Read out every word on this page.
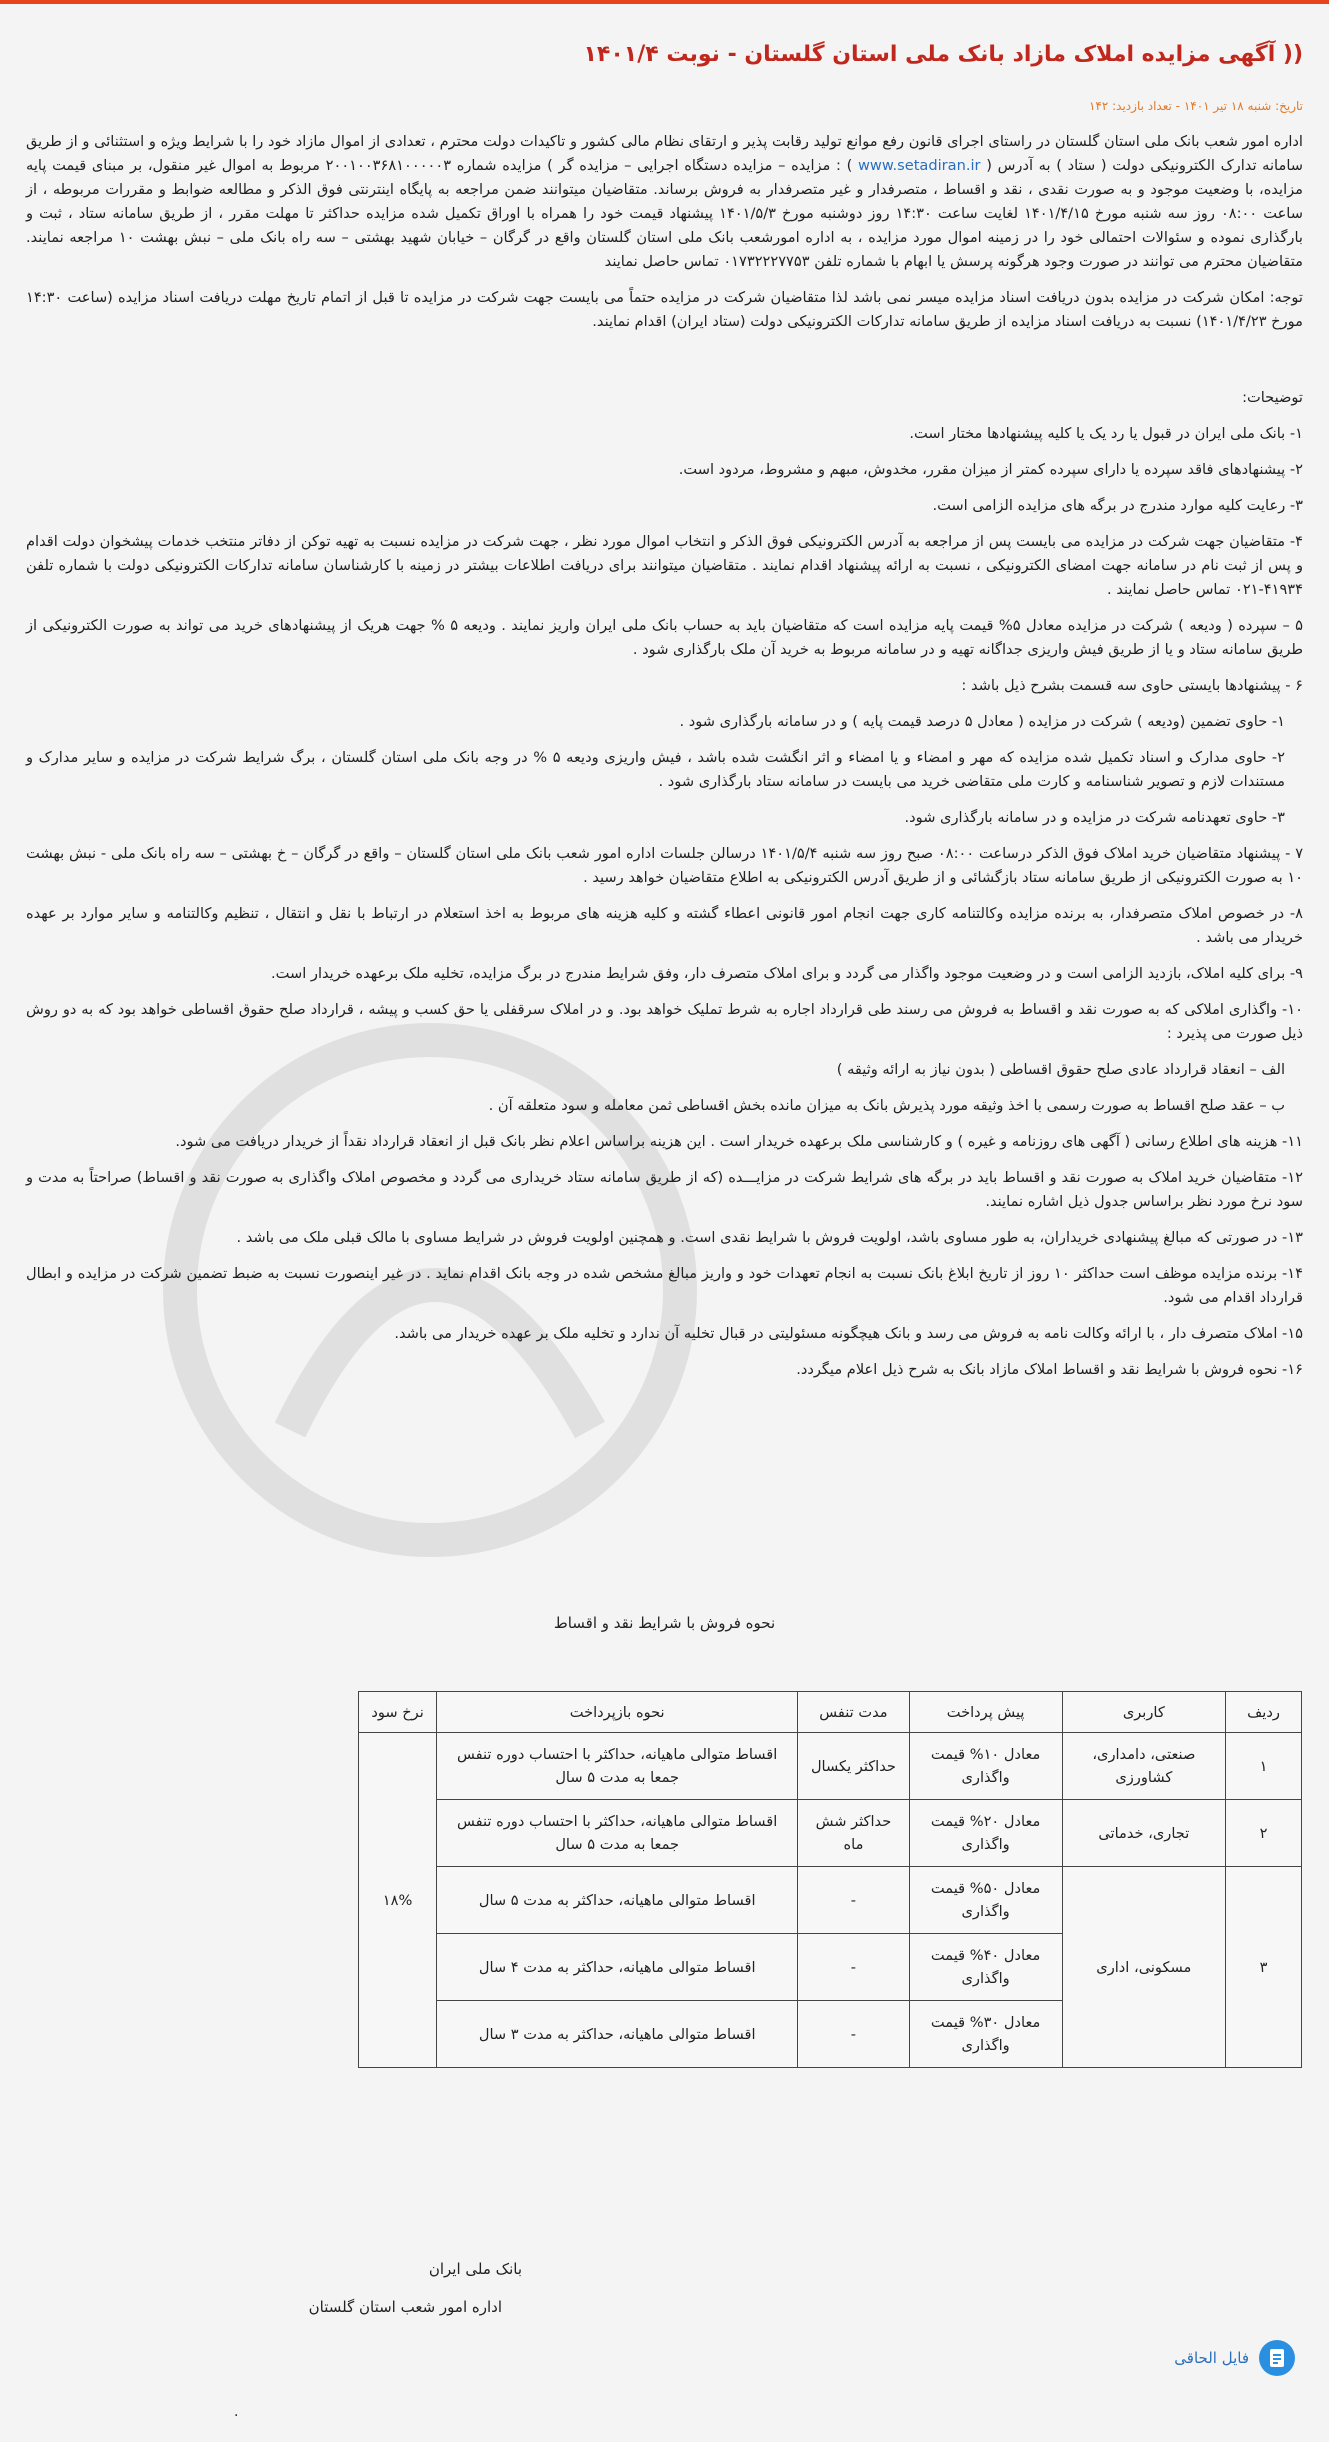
(( آگهی مزایده املاک مازاد بانک ملی استان گلستان - نوبت ۱۴۰۱/۴
تاریخ: شنبه ۱۸ تیر ۱۴۰۱ - تعداد بازدید: ۱۴۲

اداره امور شعب بانک ملی استان گلستان در راستای اجرای قانون رفع موانع تولید رقابت پذیر و ارتقای نظام مالی کشور و تاکیدات دولت محترم ، تعدادی از اموال مازاد خود را با شرایط ویژه و استثنائی و از طریق سامانه تدارک الکترونیکی دولت ( ستاد ) به آدرس ( www.setadiran.ir ) : مزایده – مزایده دستگاه اجرایی – مزایده گر ) مزایده شماره ۲۰۰۱۰۰۳۶۸۱۰۰۰۰۰۳ مربوط به اموال غیر منقول، بر مبنای قیمت پایه مزایده، با وضعیت موجود و به صورت نقدی ، نقد و اقساط ، متصرفدار و غیر متصرفدار به فروش برساند. متقاضیان میتوانند ضمن مراجعه به پایگاه اینترنتی فوق الذکر و مطالعه ضوابط و مقررات مربوطه ، از ساعت ۰۸:۰۰ روز سه شنبه مورخ ۱۴۰۱/۴/۱۵ لغایت ساعت ۱۴:۳۰ روز دوشنبه مورخ ۱۴۰۱/۵/۳ پیشنهاد قیمت خود را همراه با اوراق تکمیل شده مزایده حداکثر تا مهلت مقرر ، از طریق سامانه ستاد ، ثبت و بارگذاری نموده و سئوالات احتمالی خود را در زمینه اموال مورد مزایده ، به اداره امورشعب بانک ملی استان گلستان واقع در گرگان – خیابان شهید بهشتی – سه راه بانک ملی – نبش بهشت ۱۰ مراجعه نمایند. متقاضیان محترم می توانند در صورت وجود هرگونه پرسش یا ابهام با شماره تلفن ۰۱۷۳۲۲۲۷۷۵۳ تماس حاصل نمایند

توجه: امکان شرکت در مزایده بدون دریافت اسناد مزایده میسر نمی باشد لذا متقاضیان شرکت در مزایده حتماً می بایست جهت شرکت در مزایده تا قبل از اتمام تاریخ مهلت دریافت اسناد مزایده (ساعت ۱۴:۳۰ مورخ ۱۴۰۱/۴/۲۳) نسبت به دریافت اسناد مزایده از طریق سامانه تدارکات الکترونیکی دولت (ستاد ایران) اقدام نمایند.

توضیحات:

۱- بانک ملی ایران در قبول یا رد یک یا کلیه پیشنهادها مختار است.

۲- پیشنهادهای فاقد سپرده یا دارای سپرده کمتر از میزان مقرر، مخدوش، مبهم و مشروط، مردود است.

۳- رعایت کلیه موارد مندرج در برگه های مزایده الزامی است.

۴- متقاضیان جهت شرکت در مزایده می بایست پس از مراجعه به آدرس الکترونیکی فوق الذکر و انتخاب اموال مورد نظر ، جهت شرکت در مزایده نسبت به تهیه توکن از دفاتر منتخب خدمات پیشخوان دولت اقدام و پس از ثبت نام در سامانه جهت امضای الکترونیکی ، نسبت به ارائه پیشنهاد اقدام نمایند . متقاضیان میتوانند برای دریافت اطلاعات بیشتر در زمینه با کارشناسان سامانه تدارکات الکترونیکی دولت با شماره تلفن ۴۱۹۳۴-۰۲۱ تماس حاصل نمایند .

۵ – سپرده ( ودیعه ) شرکت در مزایده معادل ۵% قیمت پایه مزایده است که متقاضیان باید به حساب بانک ملی ایران واریز نمایند . ودیعه ۵ % جهت هریک از پیشنهادهای خرید می تواند به صورت الکترونیکی از طریق سامانه ستاد و یا از طریق فیش واریزی جداگانه تهیه و در سامانه مربوط به خرید آن ملک بارگذاری شود .

۶ - پیشنهادها بایستی حاوی سه قسمت بشرح ذیل باشد :

۱- حاوی تضمین (ودیعه ) شرکت در مزایده ( معادل ۵ درصد قیمت پایه ) و در سامانه بارگذاری شود .

۲- حاوی مدارک و اسناد تکمیل شده مزایده که مهر و امضاء و یا امضاء و اثر انگشت شده باشد ، فیش واریزی ودیعه ۵ % در وجه بانک ملی استان گلستان ، برگ شرایط شرکت در مزایده و سایر مدارک و مستندات لازم و تصویر شناسنامه و کارت ملی متقاضی خرید می بایست در سامانه ستاد بارگذاری شود .

۳- حاوی تعهدنامه شرکت در مزایده و در سامانه بارگذاری شود.

۷ - پیشنهاد متقاضیان خرید املاک فوق الذکر درساعت ۰۸:۰۰ صبح روز سه شنبه ۱۴۰۱/۵/۴ درسالن جلسات اداره امور شعب بانک ملی استان گلستان – واقع در گرگان – خ بهشتی – سه راه بانک ملی - نبش بهشت ۱۰ به صورت الکترونیکی از طریق سامانه ستاد بازگشائی و از طریق آدرس الکترونیکی به اطلاع متقاضیان خواهد رسید .

۸- در خصوص املاک متصرفدار، به برنده مزایده وکالتنامه کاری جهت انجام امور قانونی اعطاء گشته و کلیه هزینه های مربوط به اخذ استعلام در ارتباط با نقل و انتقال ، تنظیم وکالتنامه و سایر موارد بر عهده خریدار می باشد .

۹- برای کلیه املاک، بازدید الزامی است و در وضعیت موجود واگذار می گردد و برای املاک متصرف دار، وفق شرایط مندرج در برگ مزایده، تخلیه ملک برعهده خریدار است.

۱۰- واگذاری املاکی که به صورت نقد و اقساط به فروش می رسند طی قرارداد اجاره به شرط تملیک خواهد بود. و در املاک سرقفلی یا حق کسب و پیشه ، قرارداد صلح حقوق اقساطی خواهد بود که به دو روش ذیل صورت می پذیرد :

الف – انعقاد قرارداد عادی صلح حقوق اقساطی ( بدون نیاز به ارائه وثیقه )

ب – عقد صلح اقساط به صورت رسمی با اخذ وثیقه مورد پذیرش بانک به میزان مانده بخش اقساطی ثمن معامله و سود متعلقه آن .

۱۱- هزینه های اطلاع رسانی ( آگهی های روزنامه و غیره ) و کارشناسی ملک برعهده خریدار است . این هزینه براساس اعلام نظر بانک قبل از انعقاد قرارداد نقداً از خریدار دریافت می شود.

۱۲- متقاضیان خرید املاک به صورت نقد و اقساط باید در برگه های شرایط شرکت در مزایـــده (که از طریق سامانه ستاد خریداری می گردد و مخصوص املاک واگذاری به صورت نقد و اقساط) صراحتاً به مدت و سود نرخ مورد نظر براساس جدول ذیل اشاره نمایند.

۱۳- در صورتی که مبالغ پیشنهادی خریداران، به طور مساوی باشد، اولویت فروش با شرایط نقدی است. و همچنین اولویت فروش در شرایط مساوی با مالک قبلی ملک می باشد .

۱۴- برنده مزایده موظف است حداکثر ۱۰ روز از تاریخ ابلاغ بانک نسبت به انجام تعهدات خود و واریز مبالغ مشخص شده در وجه بانک اقدام نماید . در غیر اینصورت نسبت به ضبط تضمین شرکت در مزایده و ابطال قرارداد اقدام می شود.

۱۵- املاک متصرف دار ، با ارائه وکالت نامه به فروش می رسد و بانک هیچگونه مسئولیتی در قبال تخلیه آن ندارد و تخلیه ملک بر عهده خریدار می باشد.

۱۶- نحوه فروش با شرایط نقد و اقساط املاک مازاد بانک به شرح ذیل اعلام میگردد.

نحوه فروش با شرایط نقد و اقساط
ردیف	کاربری	پیش پرداخت	مدت تنفس	نحوه بازپرداخت	نرخ سود
۱	صنعتی، دامداری، کشاورزی	معادل ۱۰% قیمت واگذاری	حداکثر یکسال	اقساط متوالی ماهیانه، حداکثر با احتساب دوره تنفس جمعا به مدت ۵ سال	۱۸%
۲	تجاری، خدماتی	معادل ۲۰% قیمت واگذاری	حداکثر شش ماه	اقساط متوالی ماهیانه، حداکثر با احتساب دوره تنفس جمعا به مدت ۵ سال	
۳	مسکونی، اداری	معادل ۵۰% قیمت واگذاری	-	اقساط متوالی ماهیانه، حداکثر به مدت ۵ سال	
		معادل ۴۰% قیمت واگذاری	-	اقساط متوالی ماهیانه، حداکثر به مدت ۴ سال	
		معادل ۳۰% قیمت واگذاری	-	اقساط متوالی ماهیانه، حداکثر به مدت ۳ سال	
بانک ملی ایران
اداره امور شعب استان گلستان
فایل الحاقی
.
